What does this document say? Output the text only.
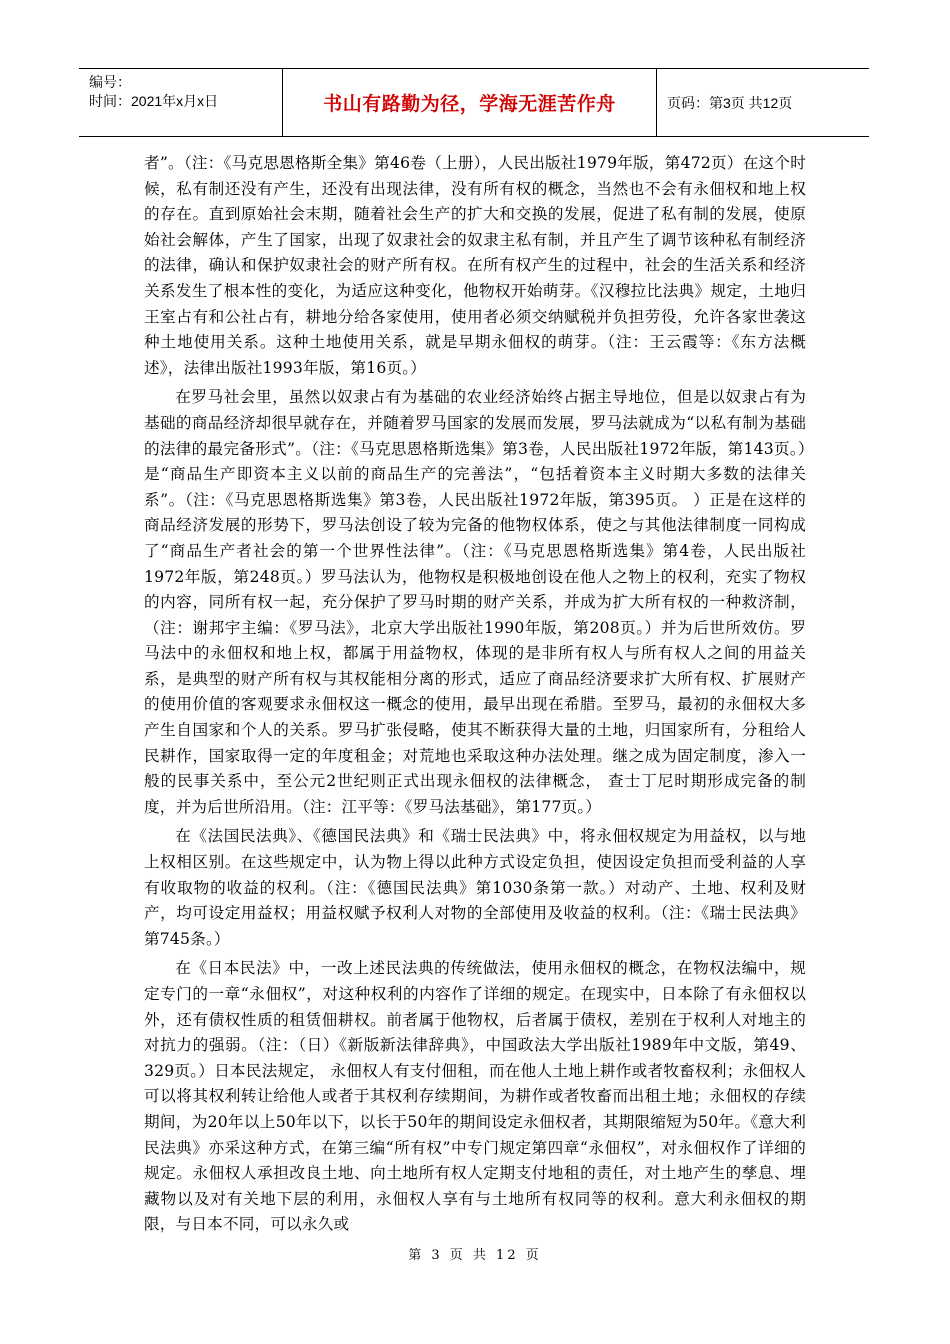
编号：
时间：2021年x月x日	书山有路勤为径，学海无涯苦作舟	页码：第3页 共12页

者”。（注：《马克思恩格斯全集》第46卷（上册），人民出版社1979年版，第472页）在这个时候，私有制还没有产生，还没有出现法律，没有所有权的概念，当然也不会有永佃权和地上权的存在。直到原始社会末期，随着社会生产的扩大和交换的发展，促进了私有制的发展，使原始社会解体，产生了国家，出现了奴隶社会的奴隶主私有制，并且产生了调节该种私有制经济的法律，确认和保护奴隶社会的财产所有权。在所有权产生的过程中，社会的生活关系和经济关系发生了根本性的变化，为适应这种变化，他物权开始萌芽。《汉穆拉比法典》规定，土地归王室占有和公社占有，耕地分给各家使用，使用者必须交纳赋税并负担劳役，允许各家世袭这种土地使用关系。这种土地使用关系，就是早期永佃权的萌芽。（注：王云霞等：《东方法概述》，法律出版社1993年版，第16页。）

在罗马社会里，虽然以奴隶占有为基础的农业经济始终占据主导地位，但是以奴隶占有为基础的商品经济却很早就存在，并随着罗马国家的发展而发展，罗马法就成为“以私有制为基础的法律的最完备形式”。（注：《马克思恩格斯选集》第3卷，人民出版社1972年版，第143页。）是“商品生产即资本主义以前的商品生产的完善法”，“包括着资本主义时期大多数的法律关系”。（注：《马克思恩格斯选集》第3卷，人民出版社1972年版，第395页。 ）正是在这样的商品经济发展的形势下，罗马法创设了较为完备的他物权体系，使之与其他法律制度一同构成了“商品生产者社会的第一个世界性法律”。（注：《马克思恩格斯选集》第4卷，人民出版社1972年版，第248页。）罗马法认为，他物权是积极地创设在他人之物上的权利，充实了物权的内容，同所有权一起，充分保护了罗马时期的财产关系，并成为扩大所有权的一种救济制，（注：谢邦宇主编：《罗马法》，北京大学出版社1990年版，第208页。）并为后世所效仿。罗马法中的永佃权和地上权，都属于用益物权，体现的是非所有权人与所有权人之间的用益关系，是典型的财产所有权与其权能相分离的形式，适应了商品经济要求扩大所有权、扩展财产的使用价值的客观要求永佃权这一概念的使用，最早出现在希腊。至罗马，最初的永佃权大多产生自国家和个人的关系。罗马扩张侵略，使其不断获得大量的土地，归国家所有，分租给人民耕作，国家取得一定的年度租金；对荒地也采取这种办法处理。继之成为固定制度，渗入一般的民事关系中，至公元2世纪则正式出现永佃权的法律概念， 查士丁尼时期形成完备的制度，并为后世所沿用。（注：江平等：《罗马法基础》，第177页。）

在《法国民法典》、《德国民法典》和《瑞士民法典》中，将永佃权规定为用益权，以与地上权相区别。在这些规定中，认为物上得以此种方式设定负担，使因设定负担而受利益的人享有收取物的收益的权利。（注：《德国民法典》第1030条第一款。）对动产、土地、权利及财产，均可设定用益权；用益权赋予权利人对物的全部使用及收益的权利。（注：《瑞士民法典》第745条。）

在《日本民法》中，一改上述民法典的传统做法，使用永佃权的概念，在物权法编中，规定专门的一章“永佃权”，对这种权利的内容作了详细的规定。在现实中，日本除了有永佃权以外，还有债权性质的租赁佃耕权。前者属于他物权，后者属于债权，差别在于权利人对地主的对抗力的强弱。（注：（日）《新版新法律辞典》，中国政法大学出版社1989年中文版，第49、329页。）日本民法规定， 永佃权人有支付佃租，而在他人土地上耕作或者牧畜权利；永佃权人可以将其权利转让给他人或者于其权利存续期间，为耕作或者牧畜而出租土地；永佃权的存续期间，为20年以上50年以下，以长于50年的期间设定永佃权者，其期限缩短为50年。《意大利民法典》亦采这种方式，在第三编“所有权”中专门规定第四章“永佃权”，对永佃权作了详细的规定。永佃权人承担改良土地、向土地所有权人定期支付地租的责任，对土地产生的孳息、埋藏物以及对有关地下层的利用，永佃权人享有与土地所有权同等的权利。意大利永佃权的期限，与日本不同，可以永久或

第 3 页 共 12 页
